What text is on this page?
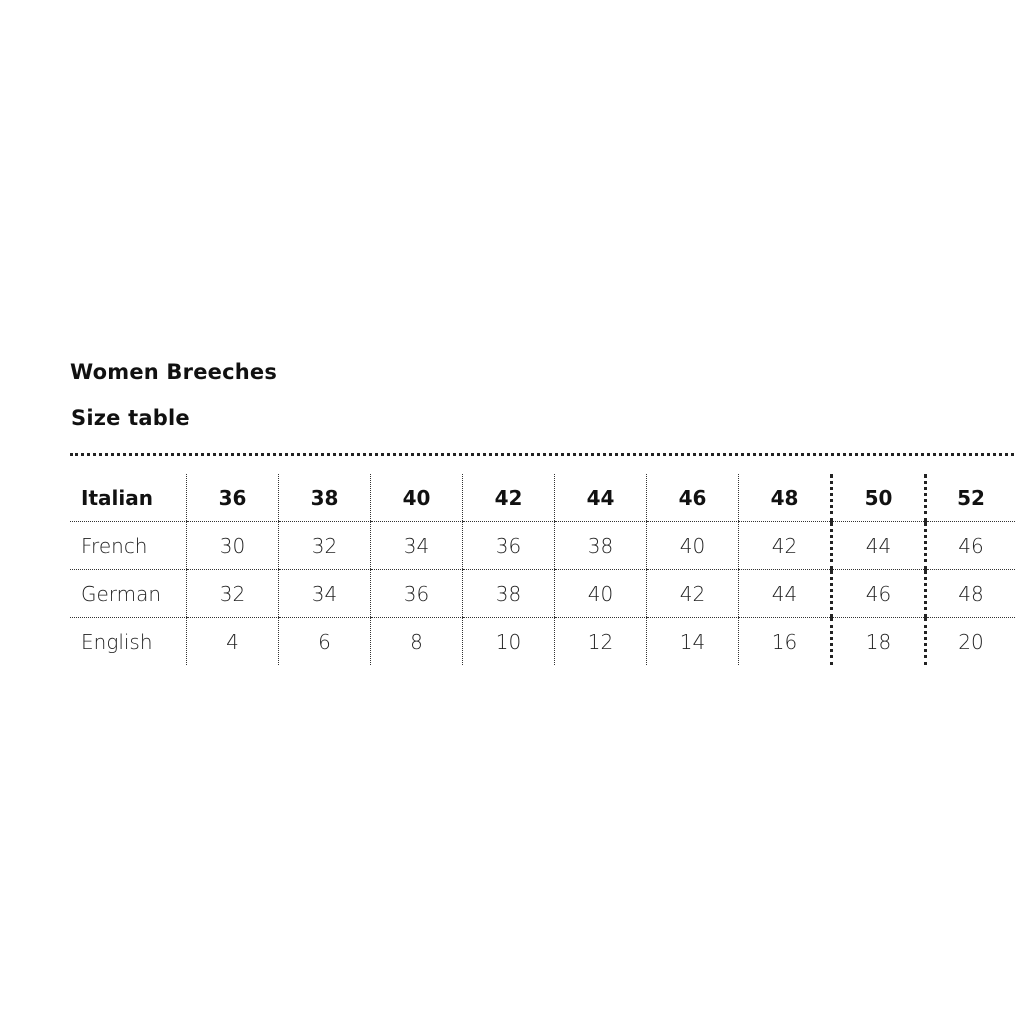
Women Breeches
Size table
Italian	36	38	40	42	44	46	48	50	52
French	30	32	34	36	38	40	42	44	46
German	32	34	36	38	40	42	44	46	48
English	4	6	8	10	12	14	16	18	20
